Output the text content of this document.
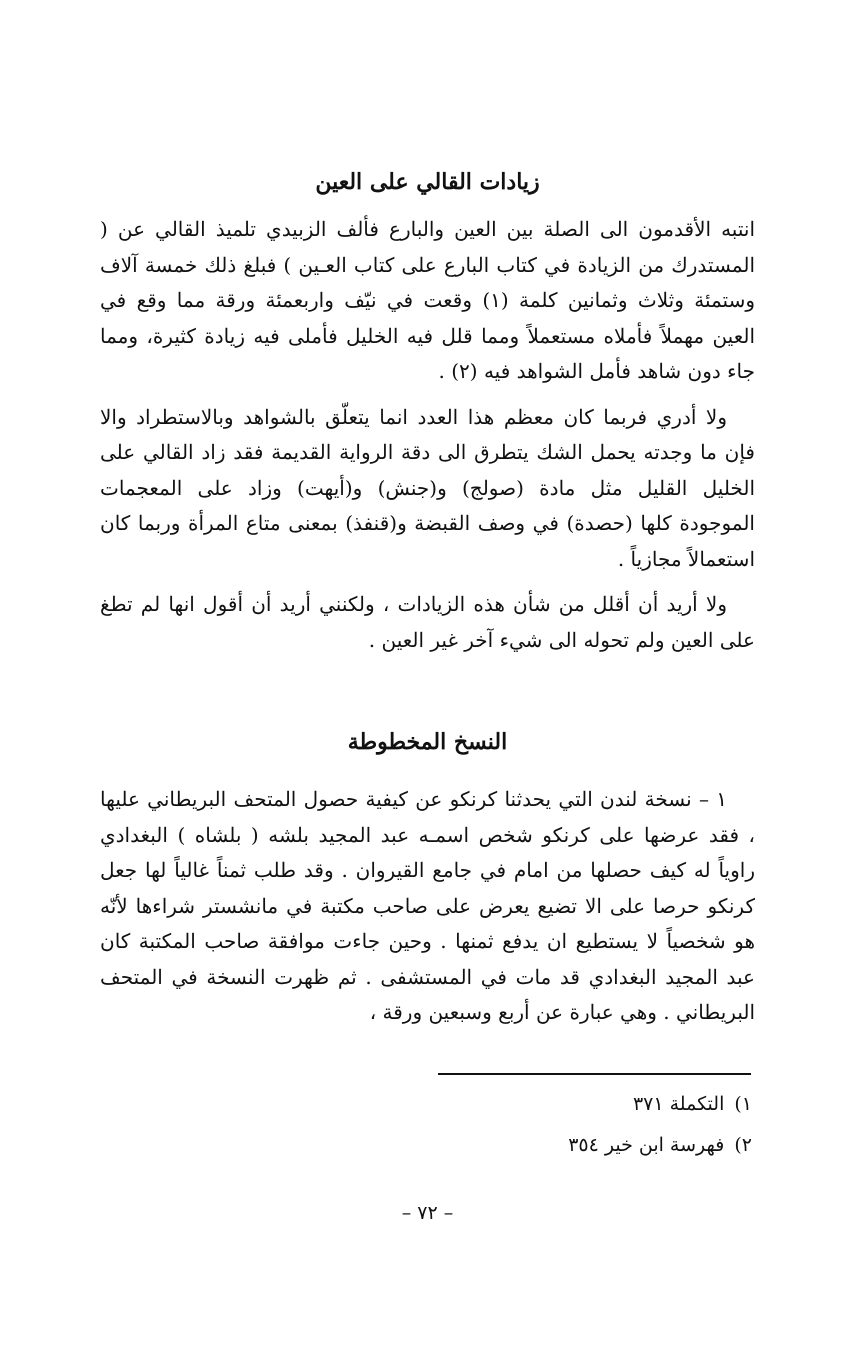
زيادات القالي على العين

انتبه الأقدمون الى الصلة بين العين والبارع فألف الزبيدي تلميذ القالي عن ( المستدرك من الزيادة في كتاب البارع على كتاب العـين ) فبلغ ذلك خمسة آلاف وستمئة وثلاث وثمانين كلمة (١) وقعت في نيّف واربعمئة ورقة مما وقع في العين مهملاً فأملاه مستعملاً ومما قلل فيه الخليل فأملى فيه زيادة كثيرة، ومما جاء دون شاهد فأمل الشواهد فيه (٢) .

ولا أدري فربما كان معظم هذا العدد انما يتعلّق بالشواهد وبالاستطراد والا فإن ما وجدته يحمل الشك يتطرق الى دقة الرواية القديمة فقد زاد القالي على الخليل القليل مثل مادة (صولج) و(جنش) و(أيهت) وزاد على المعجمات الموجودة كلها (حصدة) في وصف القبضة و(قنفذ) بمعنى متاع المرأة وربما كان استعمالاً مجازياً .

ولا أريد أن أقلل من شأن هذه الزيادات ، ولكنني أريد أن أقول انها لم تطغ على العين ولم تحوله الى شيء آخر غير العين .

النسخ المخطوطة

١ – نسخة لندن التي يحدثنا كرنكو عن كيفية حصول المتحف البريطاني عليها ، فقد عرضها على كرنكو شخص اسمـه عبد المجيد بلشه ( بلشاه ) البغدادي راوياً له كيف حصلها من امام في جامع القيروان . وقد طلب ثمناً غالياً لها جعل كرنكو حرصا على الا تضيع يعرض على صاحب مكتبة في مانشستر شراءها لأنّه هو شخصياً لا يستطيع ان يدفع ثمنها . وحين جاءت موافقة صاحب المكتبة كان عبد المجيد البغدادي قد مات في المستشفى . ثم ظهرت النسخة في المتحف البريطاني . وهي عبارة عن أربع وسبعين ورقة ،

١)التكملة ٣٧١
٢)فهرسة ابن خير ٣٥٤
– ٧٢ –
